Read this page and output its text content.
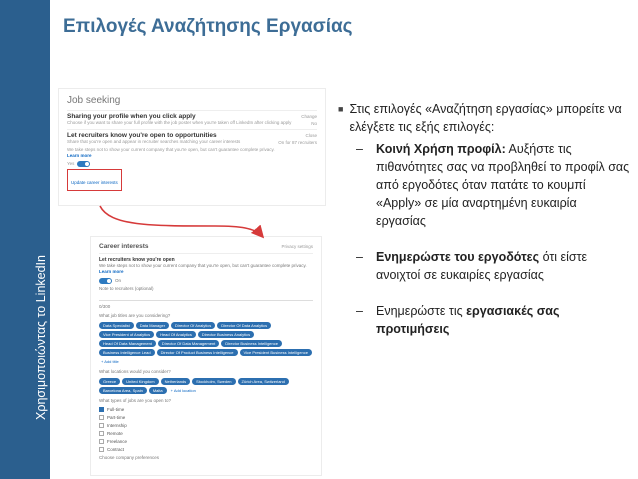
Χρησιμοποιώντας το LinkedIn
Επιλογές Αναζήτησης Εργασίας
Job seeking
Sharing your profile when you click apply
Choose if you want to share your full profile with the job poster when you're taken off LinkedIn after clicking apply
Change
No
Let recruiters know you're open to opportunities
Share that you're open and appear in recruiter searches matching your career interests
Close
On for 87 recruiters
We take steps not to show your current company that you're open, but can't guarantee complete privacy.
Learn more
Yes
Update career interests
Career interests	Privacy settings
Let recruiters know you're open
We take steps not to show your current company that you're open, but can't guarantee complete privacy. Learn more
On
Note to recruiters (optional)
0/300
What job titles are you considering?
Data Specialist	Data Manager	Director Of Analytics	Director Of Data Analytics
Vice President of Analytics	Head Of Analytics	Director Business Analytics
Head Of Data Management	Director Of Data Management	Director Business Intelligence
Business Intelligence Lead	Director Of Product Business Intelligence	Vice President Business Intelligence
+ Add title
What locations would you consider?
Greece	United Kingdom	Netherlands	Stockholm, Sweden	Zürich Area, Switzerland
Barcelona Area, Spain	Malta	+ Add location
What types of jobs are you open to?
Full-time
Part-time
Internship
Remote
Freelance
Contract
Choose company preferences
■ Στις επιλογές «Αναζήτηση εργασίας» μπορείτε να ελέγξετε τις εξής επιλογές:
– Κοινή Χρήση προφίλ: Αυξήστε τις πιθανότητες σας να προβληθεί το προφίλ σας από εργοδότες όταν πατάτε το κουμπί «Apply» σε μία αναρτημένη ευκαιρία εργασίας
– Ενημερώστε του εργοδότες ότι είστε ανοιχτοί σε ευκαιρίες εργασίας
– Ενημερώστε τις εργασιακές σας προτιμήσεις
